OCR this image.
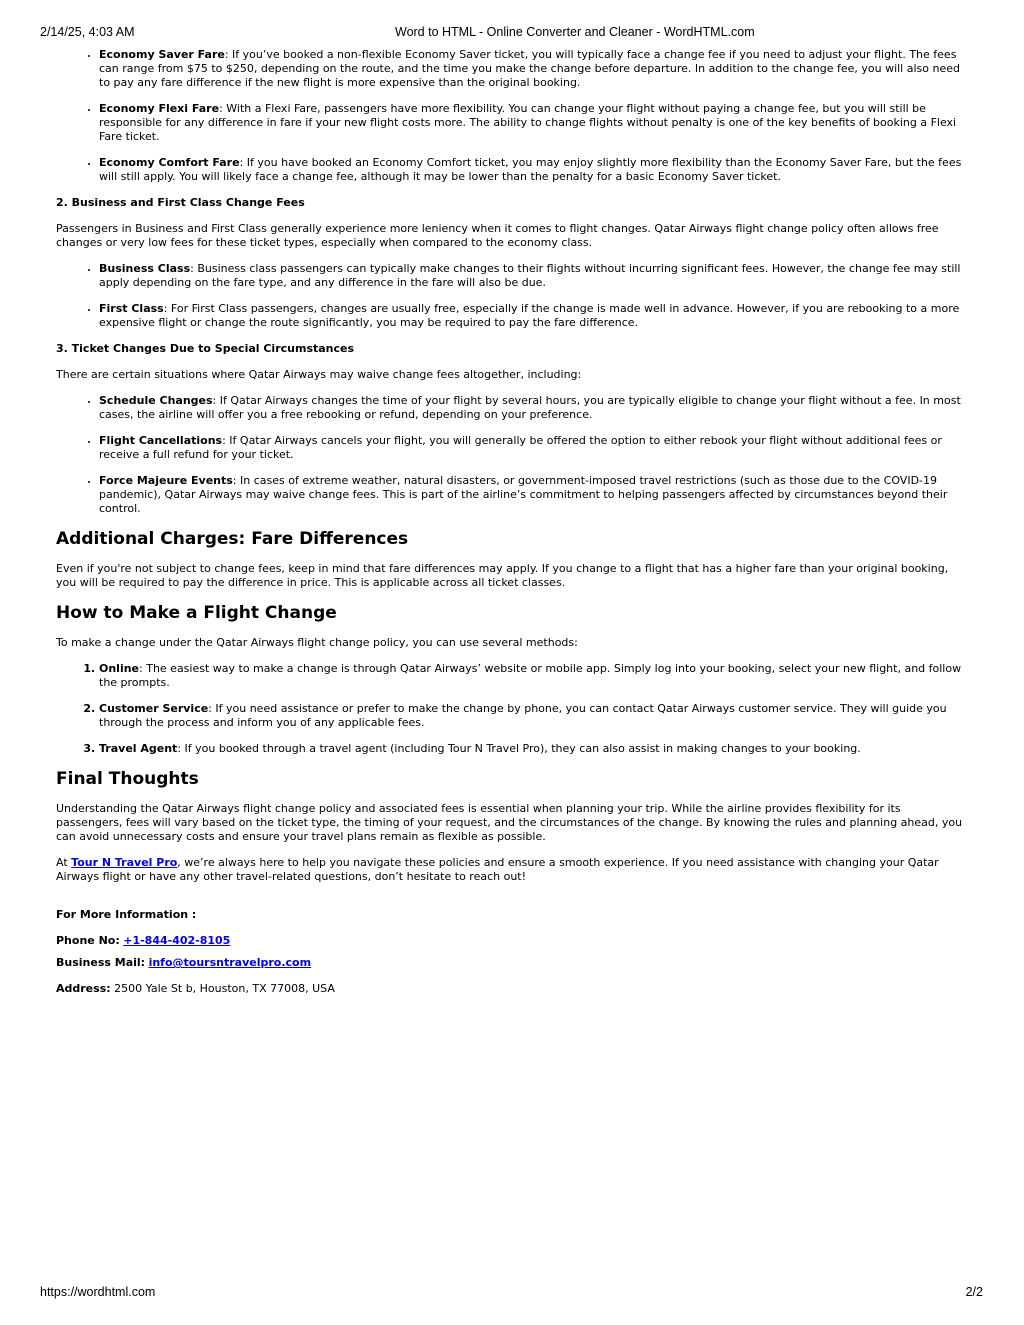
2/14/25, 4:03 AM	Word to HTML - Online Converter and Cleaner - WordHTML.com
• Economy Saver Fare: If you’ve booked a non-flexible Economy Saver ticket, you will typically face a change fee if you need to adjust your flight. The fees can range from $75 to $250, depending on the route, and the time you make the change before departure. In addition to the change fee, you will also need to pay any fare difference if the new flight is more expensive than the original booking.
• Economy Flexi Fare: With a Flexi Fare, passengers have more flexibility. You can change your flight without paying a change fee, but you will still be responsible for any difference in fare if your new flight costs more. The ability to change flights without penalty is one of the key benefits of booking a Flexi Fare ticket.
• Economy Comfort Fare: If you have booked an Economy Comfort ticket, you may enjoy slightly more flexibility than the Economy Saver Fare, but the fees will still apply. You will likely face a change fee, although it may be lower than the penalty for a basic Economy Saver ticket.

2. Business and First Class Change Fees

Passengers in Business and First Class generally experience more leniency when it comes to flight changes. Qatar Airways flight change policy often allows free changes or very low fees for these ticket types, especially when compared to the economy class.

• Business Class: Business class passengers can typically make changes to their flights without incurring significant fees. However, the change fee may still apply depending on the fare type, and any difference in the fare will also be due.
• First Class: For First Class passengers, changes are usually free, especially if the change is made well in advance. However, if you are rebooking to a more expensive flight or change the route significantly, you may be required to pay the fare difference.

3. Ticket Changes Due to Special Circumstances

There are certain situations where Qatar Airways may waive change fees altogether, including:

• Schedule Changes: If Qatar Airways changes the time of your flight by several hours, you are typically eligible to change your flight without a fee. In most cases, the airline will offer you a free rebooking or refund, depending on your preference.
• Flight Cancellations: If Qatar Airways cancels your flight, you will generally be offered the option to either rebook your flight without additional fees or receive a full refund for your ticket.
• Force Majeure Events: In cases of extreme weather, natural disasters, or government-imposed travel restrictions (such as those due to the COVID-19 pandemic), Qatar Airways may waive change fees. This is part of the airline’s commitment to helping passengers affected by circumstances beyond their control.

Additional Charges: Fare Differences

Even if you're not subject to change fees, keep in mind that fare differences may apply. If you change to a flight that has a higher fare than your original booking, you will be required to pay the difference in price. This is applicable across all ticket classes.

How to Make a Flight Change

To make a change under the Qatar Airways flight change policy, you can use several methods:

1. Online: The easiest way to make a change is through Qatar Airways’ website or mobile app. Simply log into your booking, select your new flight, and follow the prompts.
2. Customer Service: If you need assistance or prefer to make the change by phone, you can contact Qatar Airways customer service. They will guide you through the process and inform you of any applicable fees.
3. Travel Agent: If you booked through a travel agent (including Tour N Travel Pro), they can also assist in making changes to your booking.

Final Thoughts

Understanding the Qatar Airways flight change policy and associated fees is essential when planning your trip. While the airline provides flexibility for its passengers, fees will vary based on the ticket type, the timing of your request, and the circumstances of the change. By knowing the rules and planning ahead, you can avoid unnecessary costs and ensure your travel plans remain as flexible as possible.

At Tour N Travel Pro, we’re always here to help you navigate these policies and ensure a smooth experience. If you need assistance with changing your Qatar Airways flight or have any other travel-related questions, don’t hesitate to reach out!

For More Information :

Phone No: +1-844-402-8105

Business Mail: info@toursntravelpro.com

Address: 2500 Yale St b, Houston, TX 77008, USA

https://wordhtml.com	2/2
